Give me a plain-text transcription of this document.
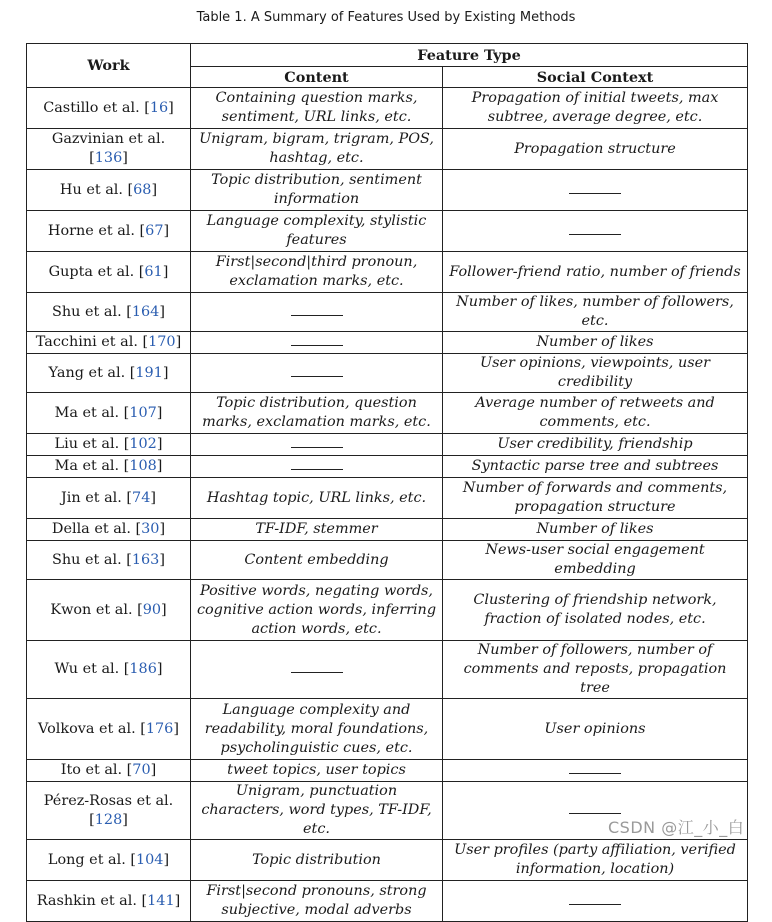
Table 1. A Summary of Features Used by Existing Methods
Work	Feature Type	
	Content	Social Context
Castillo et al. [16]	Containing question marks, sentiment, URL links, etc.	Propagation of initial tweets, max subtree, average degree, etc.
Gazvinian et al. [136]	Unigram, bigram, trigram, POS, hashtag, etc.	Propagation structure
Hu et al. [68]	Topic distribution, sentiment information	
Horne et al. [67]	Language complexity, stylistic features	
Gupta et al. [61]	First|second|third pronoun, exclamation marks, etc.	Follower-friend ratio, number of friends
Shu et al. [164]		Number of likes, number of followers, etc.
Tacchini et al. [170]		Number of likes
Yang et al. [191]		User opinions, viewpoints, user credibility
Ma et al. [107]	Topic distribution, question marks, exclamation marks, etc.	Average number of retweets and comments, etc.
Liu et al. [102]		User credibility, friendship
Ma et al. [108]		Syntactic parse tree and subtrees
Jin et al. [74]	Hashtag topic, URL links, etc.	Number of forwards and comments, propagation structure
Della et al. [30]	TF-IDF, stemmer	Number of likes
Shu et al. [163]	Content embedding	News-user social engagement embedding
Kwon et al. [90]	Positive words, negating words, cognitive action words, inferring action words, etc.	Clustering of friendship network, fraction of isolated nodes, etc.
Wu et al. [186]		Number of followers, number of comments and reposts, propagation tree
Volkova et al. [176]	Language complexity and readability, moral foundations, psycholinguistic cues, etc.	User opinions
Ito et al. [70]	tweet topics, user topics	
Pérez-Rosas et al. [128]	Unigram, punctuation characters, word types, TF-IDF, etc.	
Long et al. [104]	Topic distribution	User profiles (party affiliation, verified information, location)
Rashkin et al. [141]	First|second pronouns, strong subjective, modal adverbs	
CSDN @江_小_白
